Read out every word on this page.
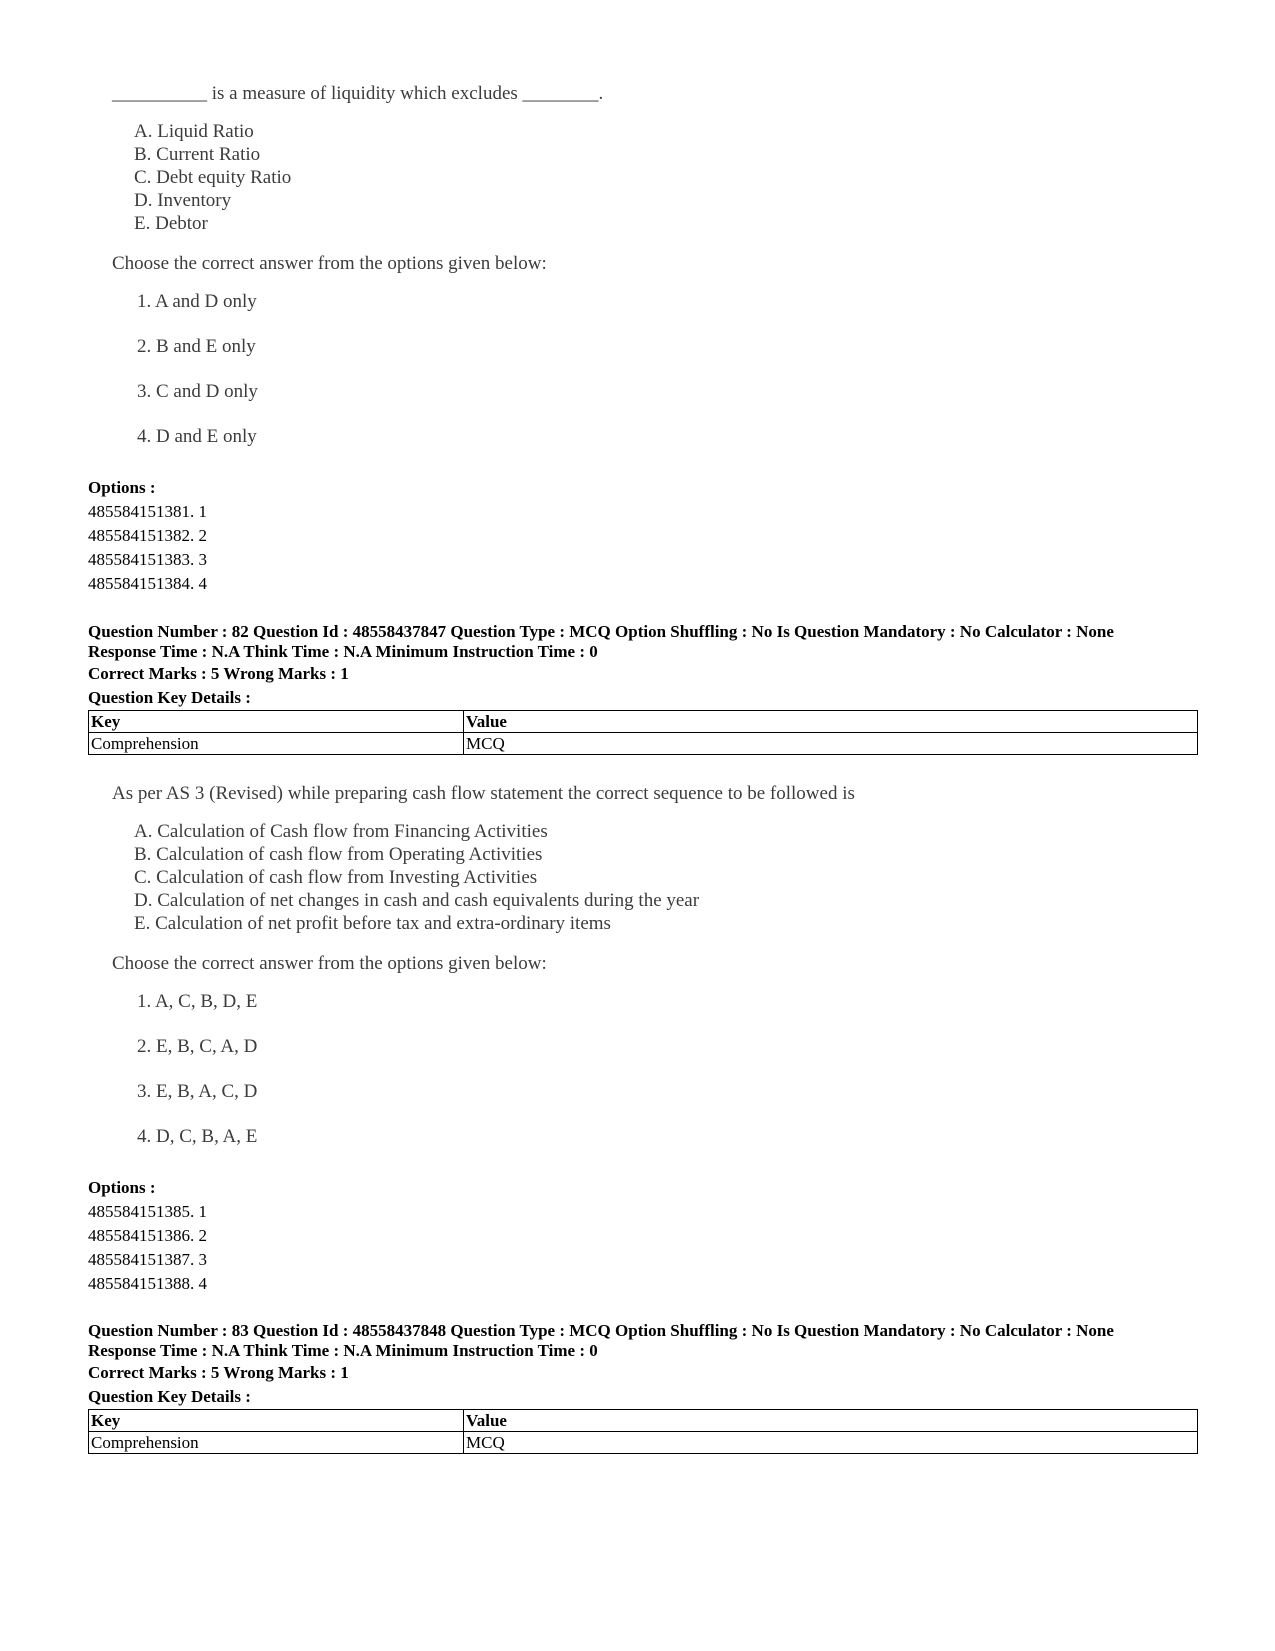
__________ is a measure of liquidity which excludes ________.
A. Liquid Ratio
B. Current Ratio
C. Debt equity Ratio
D. Inventory
E. Debtor
Choose the correct answer from the options given below:
1. A and D only
2. B and E only
3. C and D only
4. D and E only
Options :
485584151381. 1
485584151382. 2
485584151383. 3
485584151384. 4
Question Number : 82 Question Id : 48558437847 Question Type : MCQ Option Shuffling : No Is Question Mandatory : No Calculator : None
Response Time : N.A Think Time : N.A Minimum Instruction Time : 0
Correct Marks : 5 Wrong Marks : 1
Question Key Details :
Key	Value
Comprehension	MCQ
As per AS 3 (Revised) while preparing cash flow statement the correct sequence to be followed is
A. Calculation of Cash flow from Financing Activities
B. Calculation of cash flow from Operating Activities
C. Calculation of cash flow from Investing Activities
D. Calculation of net changes in cash and cash equivalents during the year
E. Calculation of net profit before tax and extra-ordinary items
Choose the correct answer from the options given below:
1. A, C, B, D, E
2. E, B, C, A, D
3. E, B, A, C, D
4. D, C, B, A, E
Options :
485584151385. 1
485584151386. 2
485584151387. 3
485584151388. 4
Question Number : 83 Question Id : 48558437848 Question Type : MCQ Option Shuffling : No Is Question Mandatory : No Calculator : None
Response Time : N.A Think Time : N.A Minimum Instruction Time : 0
Correct Marks : 5 Wrong Marks : 1
Question Key Details :
Key	Value
Comprehension	MCQ
